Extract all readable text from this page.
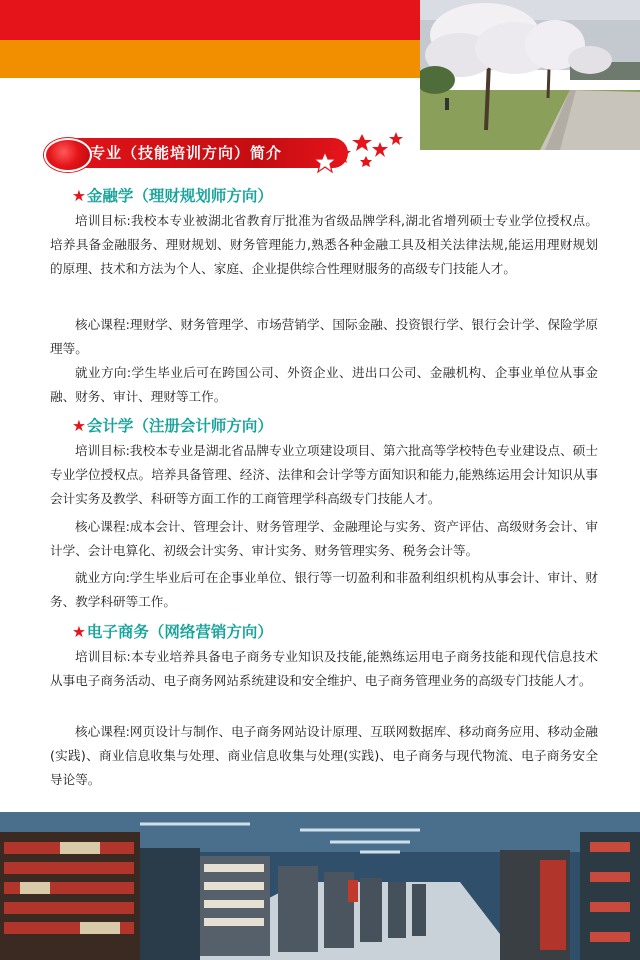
专业（技能培训方向）简介
★金融学（理财规划师方向）

培训目标:我校本专业被湖北省教育厅批准为省级品牌学科,湖北省增列硕士专业学位授权点。培养具备金融服务、理财规划、财务管理能力,熟悉各种金融工具及相关法律法规,能运用理财规划的原理、技术和方法为个人、家庭、企业提供综合性理财服务的高级专门技能人才。

核心课程:理财学、财务管理学、市场营销学、国际金融、投资银行学、银行会计学、保险学原理等。

就业方向:学生毕业后可在跨国公司、外资企业、进出口公司、金融机构、企事业单位从事金融、财务、审计、理财等工作。

★会计学（注册会计师方向）

培训目标:我校本专业是湖北省品牌专业立项建设项目、第六批高等学校特色专业建设点、硕士专业学位授权点。培养具备管理、经济、法律和会计学等方面知识和能力,能熟练运用会计知识从事会计实务及教学、科研等方面工作的工商管理学科高级专门技能人才。

核心课程:成本会计、管理会计、财务管理学、金融理论与实务、资产评估、高级财务会计、审计学、会计电算化、初级会计实务、审计实务、财务管理实务、税务会计等。

就业方向:学生毕业后可在企事业单位、银行等一切盈利和非盈利组织机构从事会计、审计、财务、教学科研等工作。

★电子商务（网络营销方向）

培训目标:本专业培养具备电子商务专业知识及技能,能熟练运用电子商务技能和现代信息技术从事电子商务活动、电子商务网站系统建设和安全维护、电子商务管理业务的高级专门技能人才。

核心课程:网页设计与制作、电子商务网站设计原理、互联网数据库、移动商务应用、移动金融(实践)、商业信息收集与处理、商业信息收集与处理(实践)、电子商务与现代物流、电子商务安全导论等。
